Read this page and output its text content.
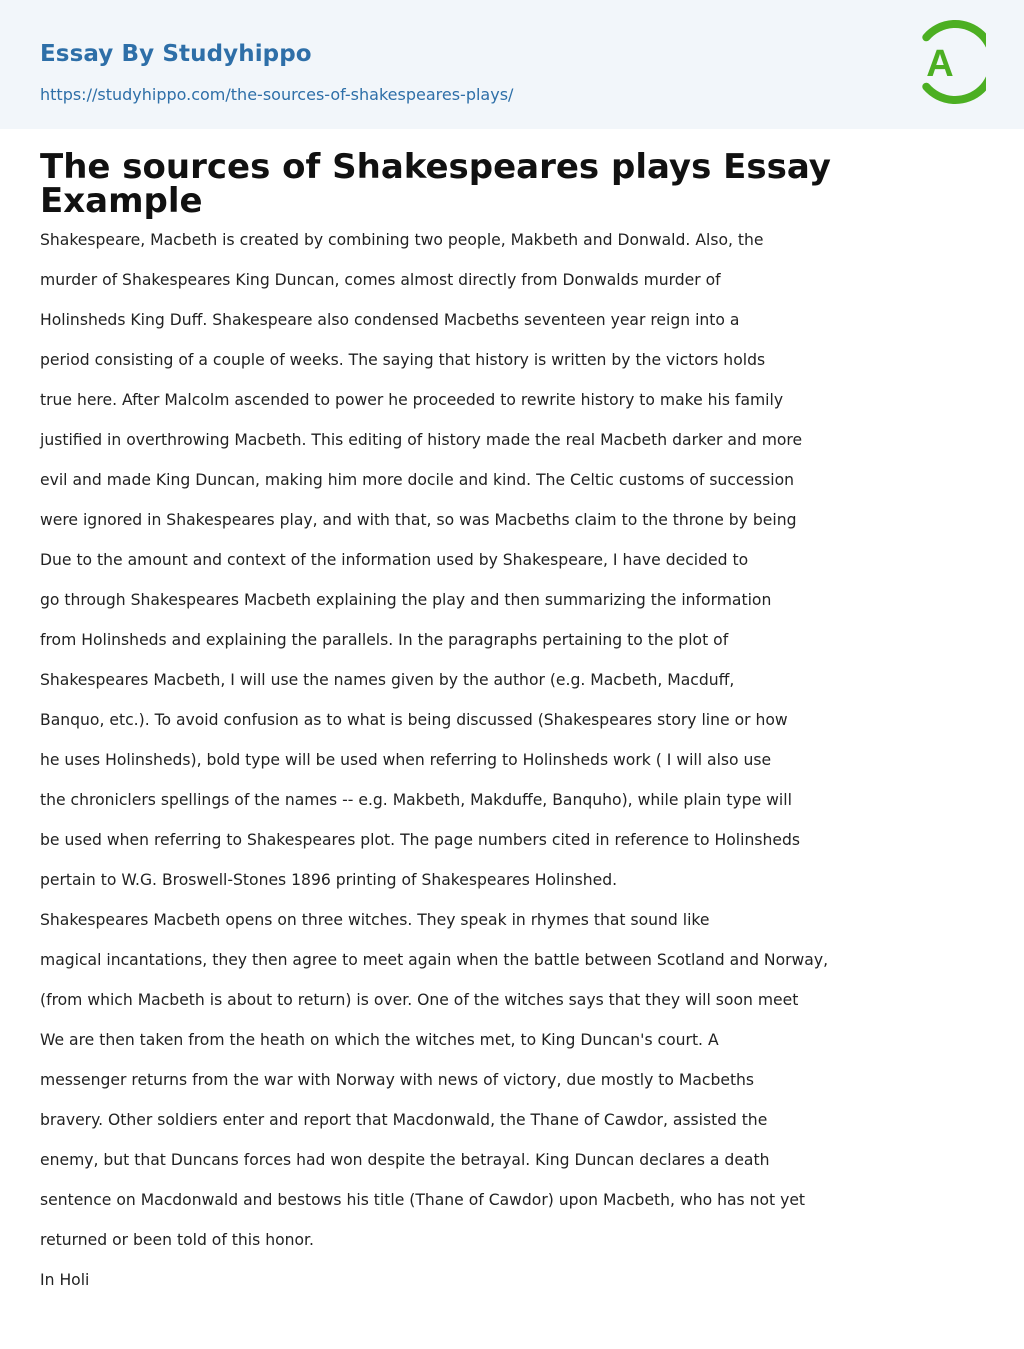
Essay By Studyhippo
https://studyhippo.com/the-sources-of-shakespeares-plays/
A
The sources of Shakespeares plays Essay Example
Shakespeare, Macbeth is created by combining two people, Makbeth and Donwald. Also, the
murder of Shakespeares King Duncan, comes almost directly from Donwalds murder of
Holinsheds King Duff. Shakespeare also condensed Macbeths seventeen year reign into a
period consisting of a couple of weeks. The saying that history is written by the victors holds
true here. After Malcolm ascended to power he proceeded to rewrite history to make his family
justified in overthrowing Macbeth. This editing of history made the real Macbeth darker and more
evil and made King Duncan, making him more docile and kind. The Celtic customs of succession
were ignored in Shakespeares play, and with that, so was Macbeths claim to the throne by being
Due to the amount and context of the information used by Shakespeare, I have decided to
go through Shakespeares Macbeth explaining the play and then summarizing the information
from Holinsheds and explaining the parallels. In the paragraphs pertaining to the plot of
Shakespeares Macbeth, I will use the names given by the author (e.g. Macbeth, Macduff,
Banquo, etc.). To avoid confusion as to what is being discussed (Shakespeares story line or how
he uses Holinsheds), bold type will be used when referring to Holinsheds work ( I will also use
the chroniclers spellings of the names -- e.g. Makbeth, Makduffe, Banquho), while plain type will
be used when referring to Shakespeares plot. The page numbers cited in reference to Holinsheds
pertain to W.G. Broswell-Stones 1896 printing of Shakespeares Holinshed.
Shakespeares Macbeth opens on three witches. They speak in rhymes that sound like
magical incantations, they then agree to meet again when the battle between Scotland and Norway,
(from which Macbeth is about to return) is over. One of the witches says that they will soon meet
We are then taken from the heath on which the witches met, to King Duncan's court. A
messenger returns from the war with Norway with news of victory, due mostly to Macbeths
bravery. Other soldiers enter and report that Macdonwald, the Thane of Cawdor, assisted the
enemy, but that Duncans forces had won despite the betrayal. King Duncan declares a death
sentence on Macdonwald and bestows his title (Thane of Cawdor) upon Macbeth, who has not yet
returned or been told of this honor.
In Holi
